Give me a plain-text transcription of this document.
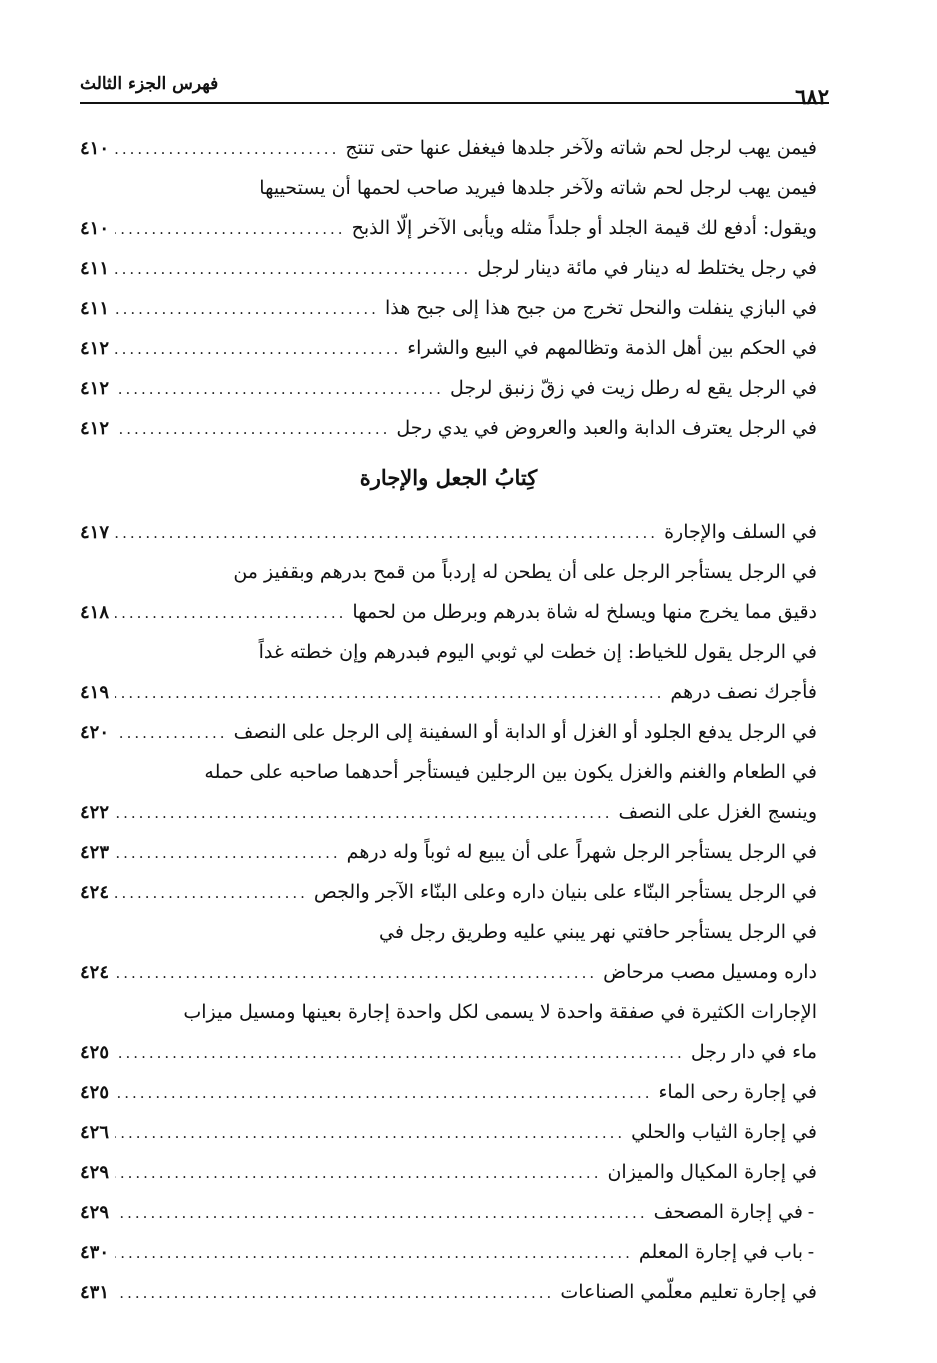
فهرس الجزء الثالث	٦٨٢
فيمن يهب لرجل لحم شاته ولآخر جلدها فيغفل عنها حتى تنتج
.....
٤١٠
فيمن يهب لرجل لحم شاته ولآخر جلدها فيريد صاحب لحمها أن يستحييها
ويقول: أدفع لك قيمة الجلد أو جلداً مثله ويأبى الآخر إلّا الذبح
.....
٤١٠
في رجل يختلط له دينار في مائة دينار لرجل
.....
٤١١
في البازي ينفلت والنحل تخرج من جبح هذا إلى جبح هذا
.....
٤١١
في الحكم بين أهل الذمة وتظالمهم في البيع والشراء
.....
٤١٢
في الرجل يقع له رطل زيت في زقّ زنبق لرجل
.....
٤١٢
في الرجل يعترف الدابة والعبد والعروض في يدي رجل
.....
٤١٢
كِتابُ الجعل والإجارة
في السلف والإجارة
.....
٤١٧
في الرجل يستأجر الرجل على أن يطحن له إردباً من قمح بدرهم وبقفيز من
دقيق مما يخرج منها ويسلخ له شاة بدرهم وبرطل من لحمها
.....
٤١٨
في الرجل يقول للخياط: إن خطت لي ثوبي اليوم فبدرهم وإن خطته غداً
فأجرك نصف درهم
.....
٤١٩
في الرجل يدفع الجلود أو الغزل أو الدابة أو السفينة إلى الرجل على النصف
.....
٤٢٠
في الطعام والغنم والغزل يكون بين الرجلين فيستأجر أحدهما صاحبه على حمله
وينسج الغزل على النصف
.....
٤٢٢
في الرجل يستأجر الرجل شهراً على أن يبيع له ثوباً وله درهم
.....
٤٢٣
في الرجل يستأجر البنّاء على بنيان داره وعلى البنّاء الآجر والجص
.....
٤٢٤
في الرجل يستأجر حافتي نهر يبني عليه وطريق رجل في
داره ومسيل مصب مرحاض
.....
٤٢٤
الإجارات الكثيرة في صفقة واحدة لا يسمى لكل واحدة إجارة بعينها ومسيل ميزاب
ماء في دار رجل
.....
٤٢٥
في إجارة رحى الماء
.....
٤٢٥
في إجارة الثياب والحلي
.....
٤٢٦
في إجارة المكيال والميزان
.....
٤٢٩
-في إجارة المصحف
.....
٤٢٩
-باب في إجارة المعلم
.....
٤٣٠
في إجارة تعليم معلّمي الصناعات
.....
٤٣١
